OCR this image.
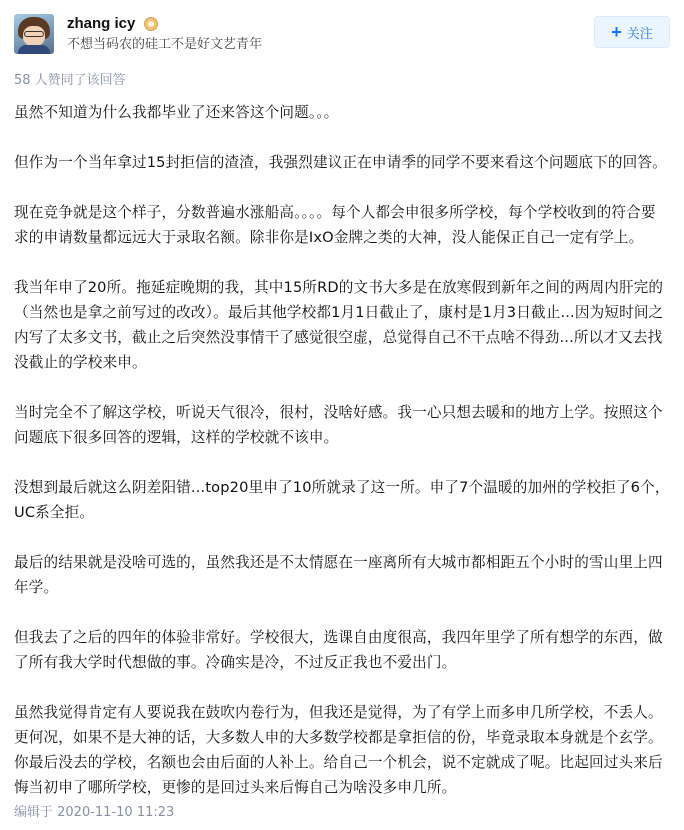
zhang icy
不想当码农的硅工不是好文艺青年
+ 关注
58 人赞同了该回答

虽然不知道为什么我都毕业了还来答这个问题。。。

但作为一个当年拿过15封拒信的渣渣，我强烈建议正在申请季的同学不要来看这个问题底下的回答。

现在竞争就是这个样子，分数普遍水涨船高。。。。每个人都会申很多所学校，每个学校收到的符合要求的申请数量都远远大于录取名额。除非你是IxO金牌之类的大神，没人能保正自己一定有学上。

我当年申了20所。拖延症晚期的我，其中15所RD的文书大多是在放寒假到新年之间的两周内肝完的（当然也是拿之前写过的改改）。最后其他学校都1月1日截止了，康村是1月3日截止...因为短时间之内写了太多文书，截止之后突然没事情干了感觉很空虚，总觉得自己不干点啥不得劲...所以才又去找没截止的学校来申。

当时完全不了解这学校，听说天气很冷，很村，没啥好感。我一心只想去暖和的地方上学。按照这个问题底下很多回答的逻辑，这样的学校就不该申。

没想到最后就这么阴差阳错...top20里申了10所就录了这一所。申了7个温暖的加州的学校拒了6个，UC系全拒。

最后的结果就是没啥可选的，虽然我还是不太情愿在一座离所有大城市都相距五个小时的雪山里上四年学。

但我去了之后的四年的体验非常好。学校很大，选课自由度很高，我四年里学了所有想学的东西，做了所有我大学时代想做的事。冷确实是冷，不过反正我也不爱出门。

虽然我觉得肯定有人要说我在鼓吹内卷行为，但我还是觉得，为了有学上而多申几所学校，不丢人。更何况，如果不是大神的话，大多数人申的大多数学校都是拿拒信的份，毕竟录取本身就是个玄学。你最后没去的学校，名额也会由后面的人补上。给自己一个机会，说不定就成了呢。比起回过头来后悔当初申了哪所学校，更惨的是回过头来后悔自己为啥没多申几所。

编辑于 2020-11-10 11:23
